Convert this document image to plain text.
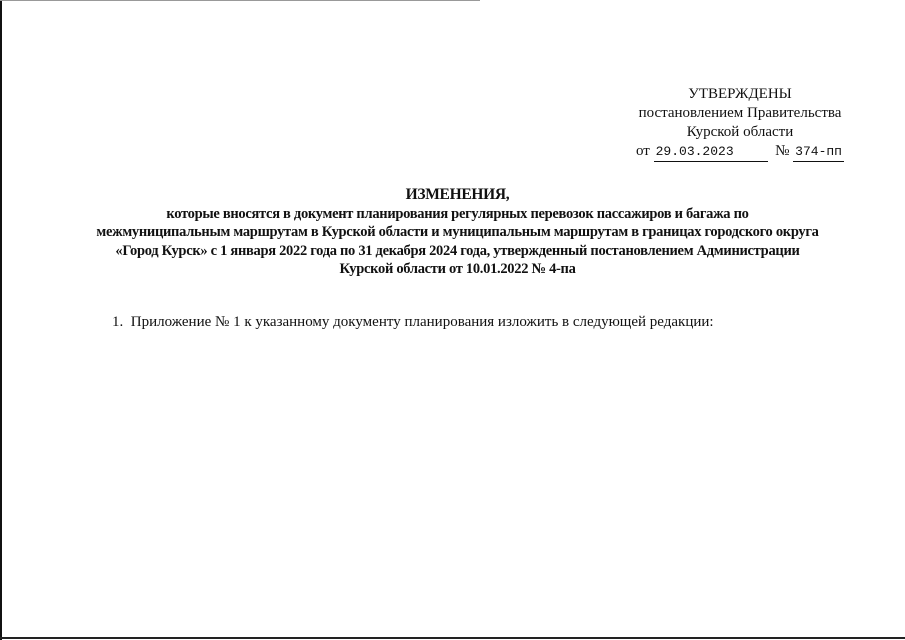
УТВЕРЖДЕНЫ
постановлением Правительства
Курской области
от 29.03.2023	№ 374-пп
ИЗМЕНЕНИЯ,
которые вносятся в документ планирования регулярных перевозок пассажиров и багажа по
межмуниципальным маршрутам в Курской области и муниципальным маршрутам в границах городского округа
«Город Курск» с 1 января 2022 года по 31 декабря 2024 года, утвержденный постановлением Администрации
Курской области от 10.01.2022 № 4-па
1.  Приложение № 1 к указанному документу планирования изложить в следующей редакции:
